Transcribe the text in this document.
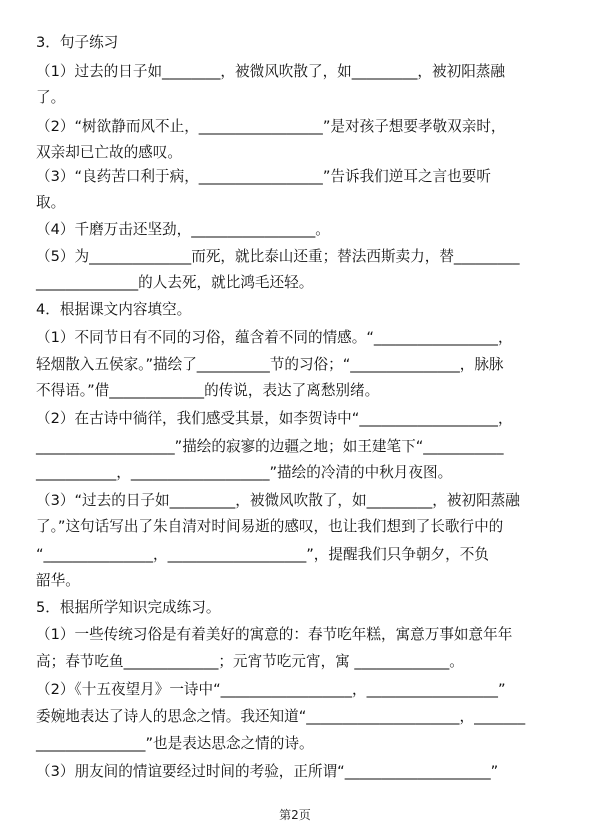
3．句子练习
（1）过去的日子如________，被微风吹散了，如_________，被初阳蒸融
了。
（2）“树欲静而风不止，_________________”是对孩子想要孝敬双亲时，
双亲却已亡故的感叹。
（3）“良药苦口利于病，_________________”告诉我们逆耳之言也要听
取。
（4）千磨万击还坚劲，_________________。
（5）为______________而死，就比泰山还重；替法西斯卖力，替_________
______________的人去死，就比鸿毛还轻。
4．根据课文内容填空。
（1）不同节日有不同的习俗，蕴含着不同的情感。“_________________，
轻烟散入五侯家。”描绘了__________节的习俗；“_______________，脉脉
不得语。”借_____________的传说，表达了离愁别绪。
（2）在古诗中徜徉，我们感受其景，如李贺诗中“___________________，
___________________”描绘的寂寥的边疆之地；如王建笔下“___________
___________，___________________”描绘的冷清的中秋月夜图。
（3）“过去的日子如_________，被微风吹散了，如_________，被初阳蒸融
了。”这句话写出了朱自清对时间易逝的感叹，也让我们想到了长歌行中的
“_______________，___________________”，提醒我们只争朝夕，不负
韶华。
5．根据所学知识完成练习。
（1）一些传统习俗是有着美好的寓意的：春节吃年糕，寓意万事如意年年
高；春节吃鱼_____________；元宵节吃元宵，寓 _____________。
（2）《十五夜望月》一诗中“__________________，__________________”
委婉地表达了诗人的思念之情。我还知道“_____________________，_______
_______________”也是表达思念之情的诗。
（3）朋友间的情谊要经过时间的考验，正所谓“____________________”
第2页
